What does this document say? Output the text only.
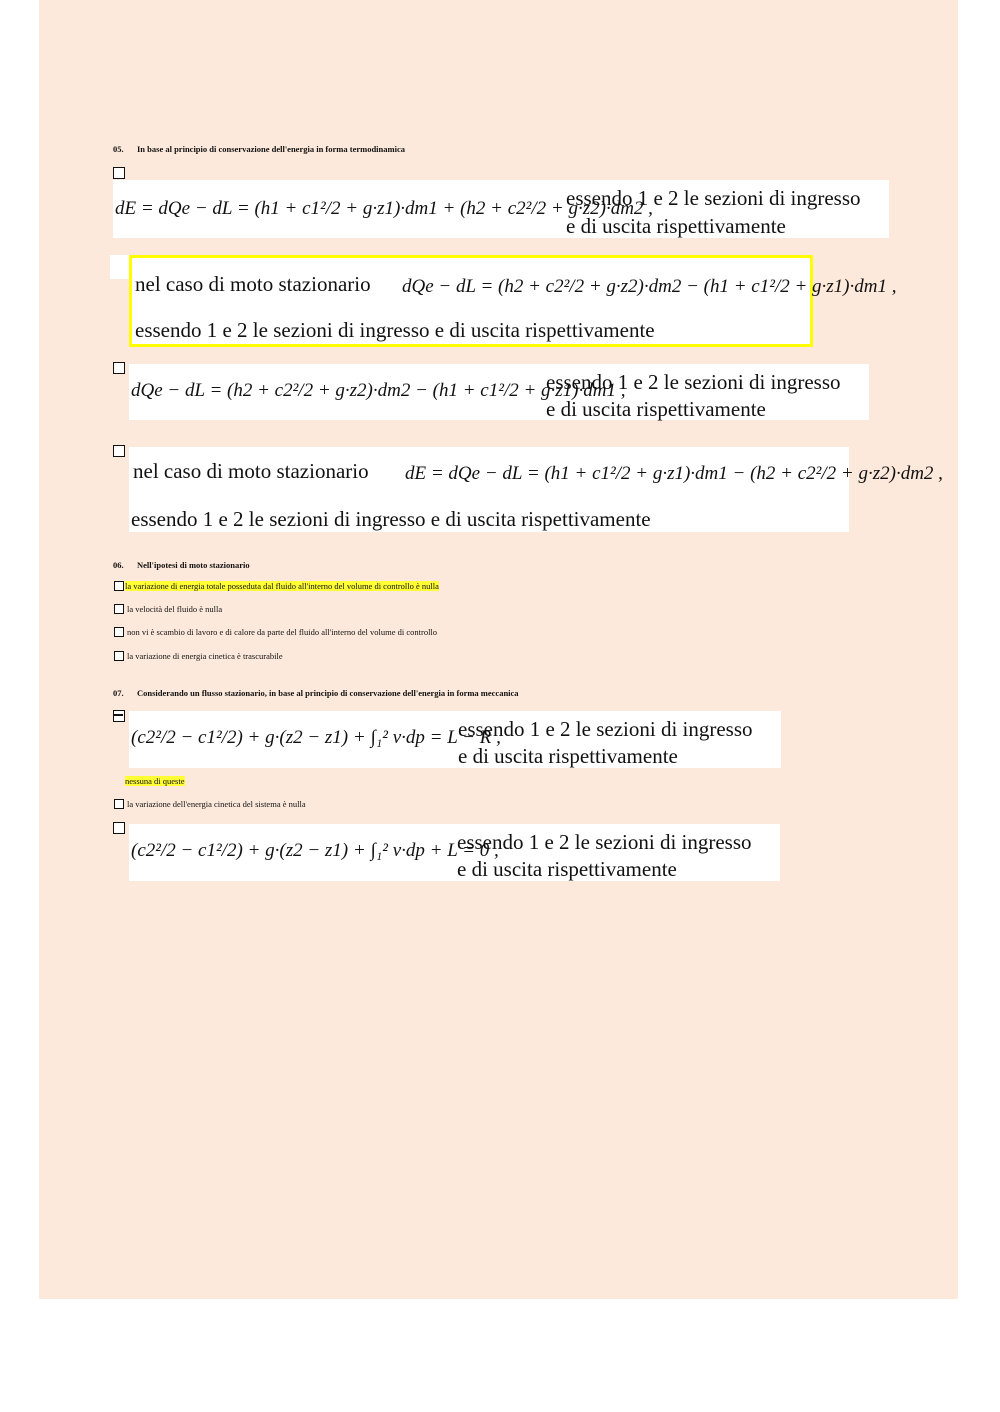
05. In base al principio di conservazione dell'energia in forma termodinamica
dE = dQe − dL = (h1 + c1²/2 + g·z1)·dm1 + (h2 + c2²/2 + g·z2)·dm2 ,
essendo 1 e 2 le sezioni di ingresso
e di uscita rispettivamente
nel caso di moto stazionario dQe − dL = (h2 + c2²/2 + g·z2)·dm2 − (h1 + c1²/2 + g·z1)·dm1 ,
essendo 1 e 2 le sezioni di ingresso e di uscita rispettivamente
dQe − dL = (h2 + c2²/2 + g·z2)·dm2 − (h1 + c1²/2 + g·z1)·dm1 ,
essendo 1 e 2 le sezioni di ingresso
e di uscita rispettivamente
nel caso di moto stazionario dE = dQe − dL = (h1 + c1²/2 + g·z1)·dm1 − (h2 + c2²/2 + g·z2)·dm2 ,
essendo 1 e 2 le sezioni di ingresso e di uscita rispettivamente
06. Nell'ipotesi di moto stazionario
la variazione di energia totale posseduta dal fluido all'interno del volume di controllo è nulla
la velocità del fluido è nulla
non vi è scambio di lavoro e di calore da parte del fluido all'interno del volume di controllo
la variazione di energia cinetica è trascurabile
07. Considerando un flusso stazionario, in base al principio di conservazione dell'energia in forma meccanica
(c2²/2 − c1²/2) + g·(z2 − z1) + ∫₁² v·dp = L − R ,
essendo 1 e 2 le sezioni di ingresso
e di uscita rispettivamente
nessuna di queste
la variazione dell'energia cinetica del sistema è nulla
(c2²/2 − c1²/2) + g·(z2 − z1) + ∫₁² v·dp + L = 0 ,
essendo 1 e 2 le sezioni di ingresso
e di uscita rispettivamente
